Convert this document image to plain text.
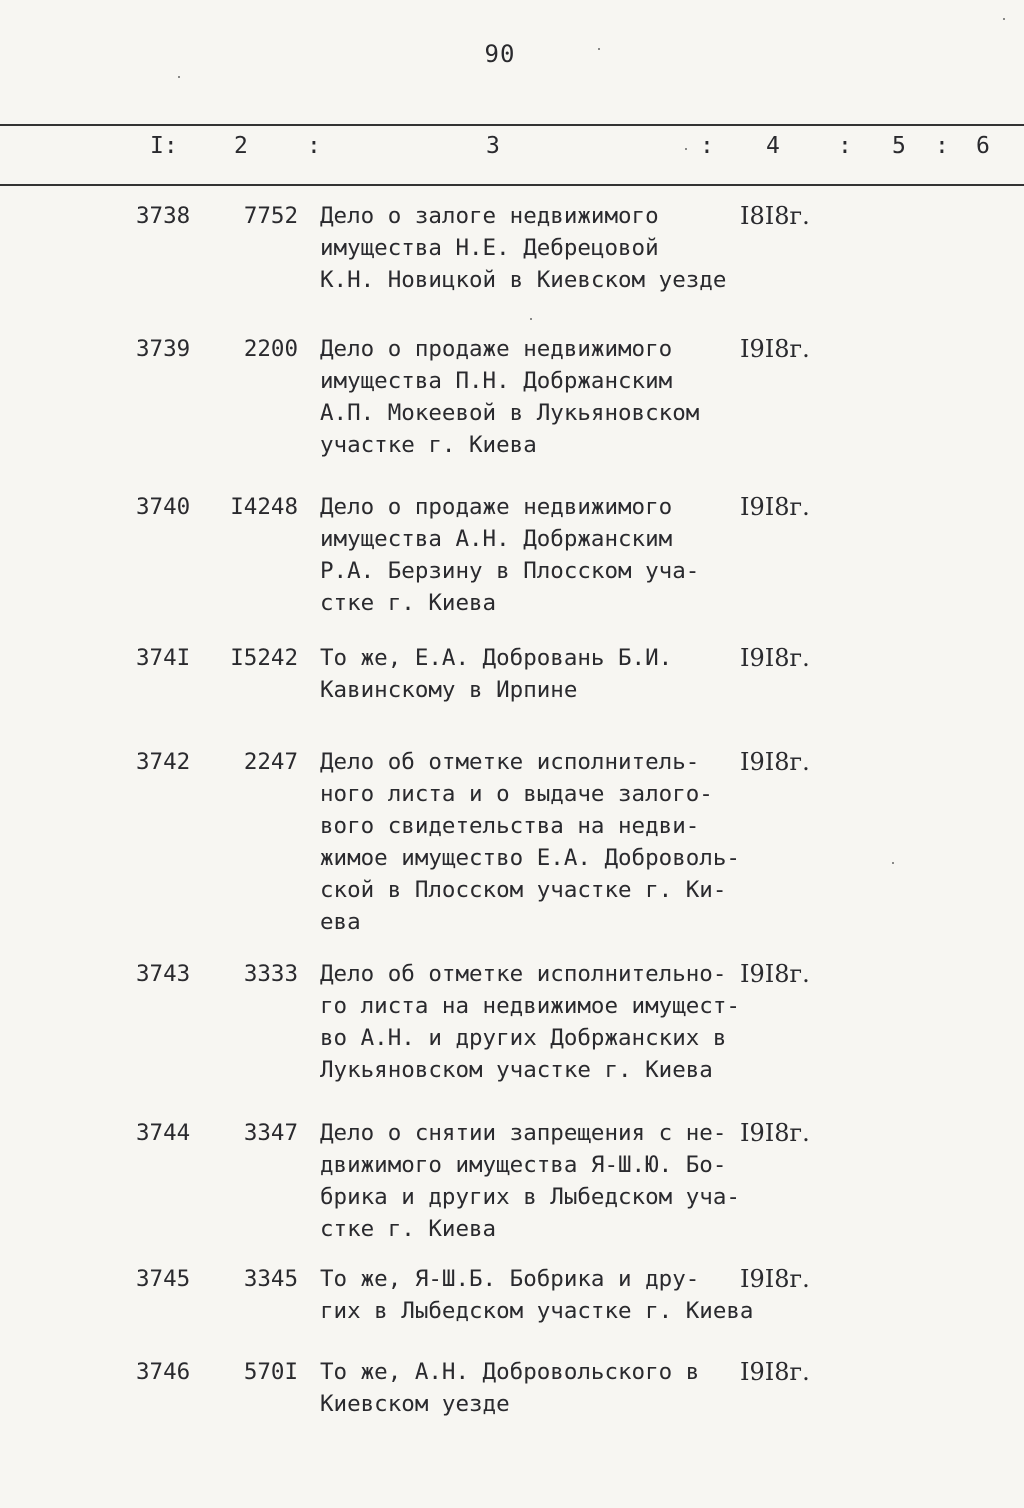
90
I: 2	:	3	: 4	: 5 : 6
3738	7752 Дело о залоге недвижимого
имущества Н.Е. Дебрецовой
К.Н. Новицкой в Киевском уезде
I8I8г.
3739	2200 Дело о продаже недвижимого
имущества П.Н. Добржанским
А.П. Мокеевой в Лукьяновском
участке г. Киева
I9I8г.
3740	I4248 Дело о продаже недвижимого
имущества А.Н. Добржанским
Р.А. Берзину в Плосском уча-
стке г. Киева
I9I8г.
374I	I5242 То же, Е.А. Добровань Б.И.
Кавинскому в Ирпине
I9I8г.
3742	2247 Дело об отметке исполнитель-
ного листа и о выдаче залого-
вого свидетельства на недви-
жимое имущество Е.А. Доброволь-
ской в Плосском участке г. Ки-
ева
I9I8г.
3743	3333 Дело об отметке исполнительно-
го листа на недвижимое имущест-
во А.Н. и других Добржанских в
Лукьяновском участке г. Киева
I9I8г.
3744	3347 Дело о снятии запрещения с не-
движимого имущества Я-Ш.Ю. Бо-
брика и других в Лыбедском уча-
стке г. Киева
I9I8г.
3745	3345 То же, Я-Ш.Б. Бобрика и дру-
гих в Лыбедском участке г. Киева
I9I8г.
3746	570I То же, А.Н. Добровольского в
Киевском уезде
I9I8г.
